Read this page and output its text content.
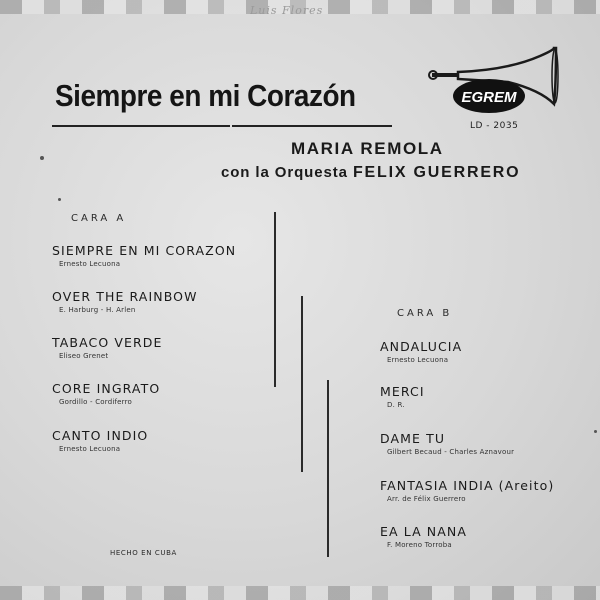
Luis Flores
Siempre en mi Corazón	EGREM
LD - 2035
MARIA REMOLA
con la Orquesta FELIX GUERRERO
CARA A
SIEMPRE EN MI CORAZON
Ernesto Lecuona
OVER THE RAINBOW
E. Harburg - H. Arlen
TABACO VERDE
Eliseo Grenet
CORE INGRATO
Gordillo - Cordiferro
CANTO INDIO
Ernesto Lecuona
CARA B
ANDALUCIA
Ernesto Lecuona
MERCI
D. R.
DAME TU
Gilbert Becaud - Charles Aznavour
FANTASIA INDIA (Areito)
Arr. de Félix Guerrero
EA LA NANA
F. Moreno Torroba
HECHO EN CUBA
